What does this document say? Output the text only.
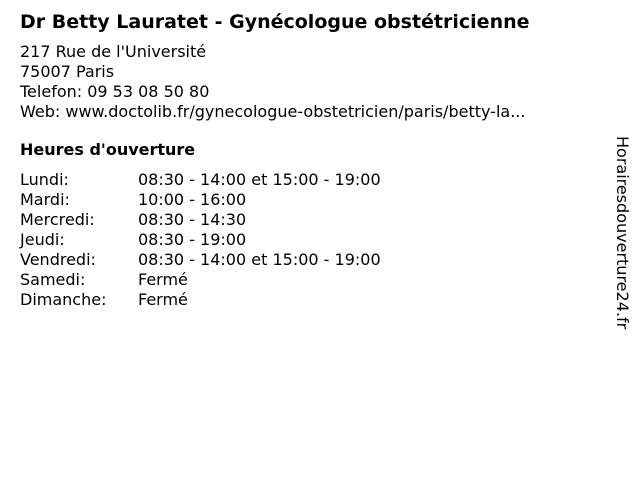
Dr Betty Lauratet - Gynécologue obstétricienne
217 Rue de l'Université
75007 Paris
Telefon: 09 53 08 50 80
Web: www.doctolib.fr/gynecologue-obstetricien/paris/betty-la...
Heures d'ouverture
Lundi:	08:30 - 14:00 et 15:00 - 19:00
Mardi:	10:00 - 16:00
Mercredi:	08:30 - 14:30
Jeudi:	08:30 - 19:00
Vendredi:	08:30 - 14:00 et 15:00 - 19:00
Samedi:	Fermé
Dimanche:	Fermé	Horairesdouverture24.fr
